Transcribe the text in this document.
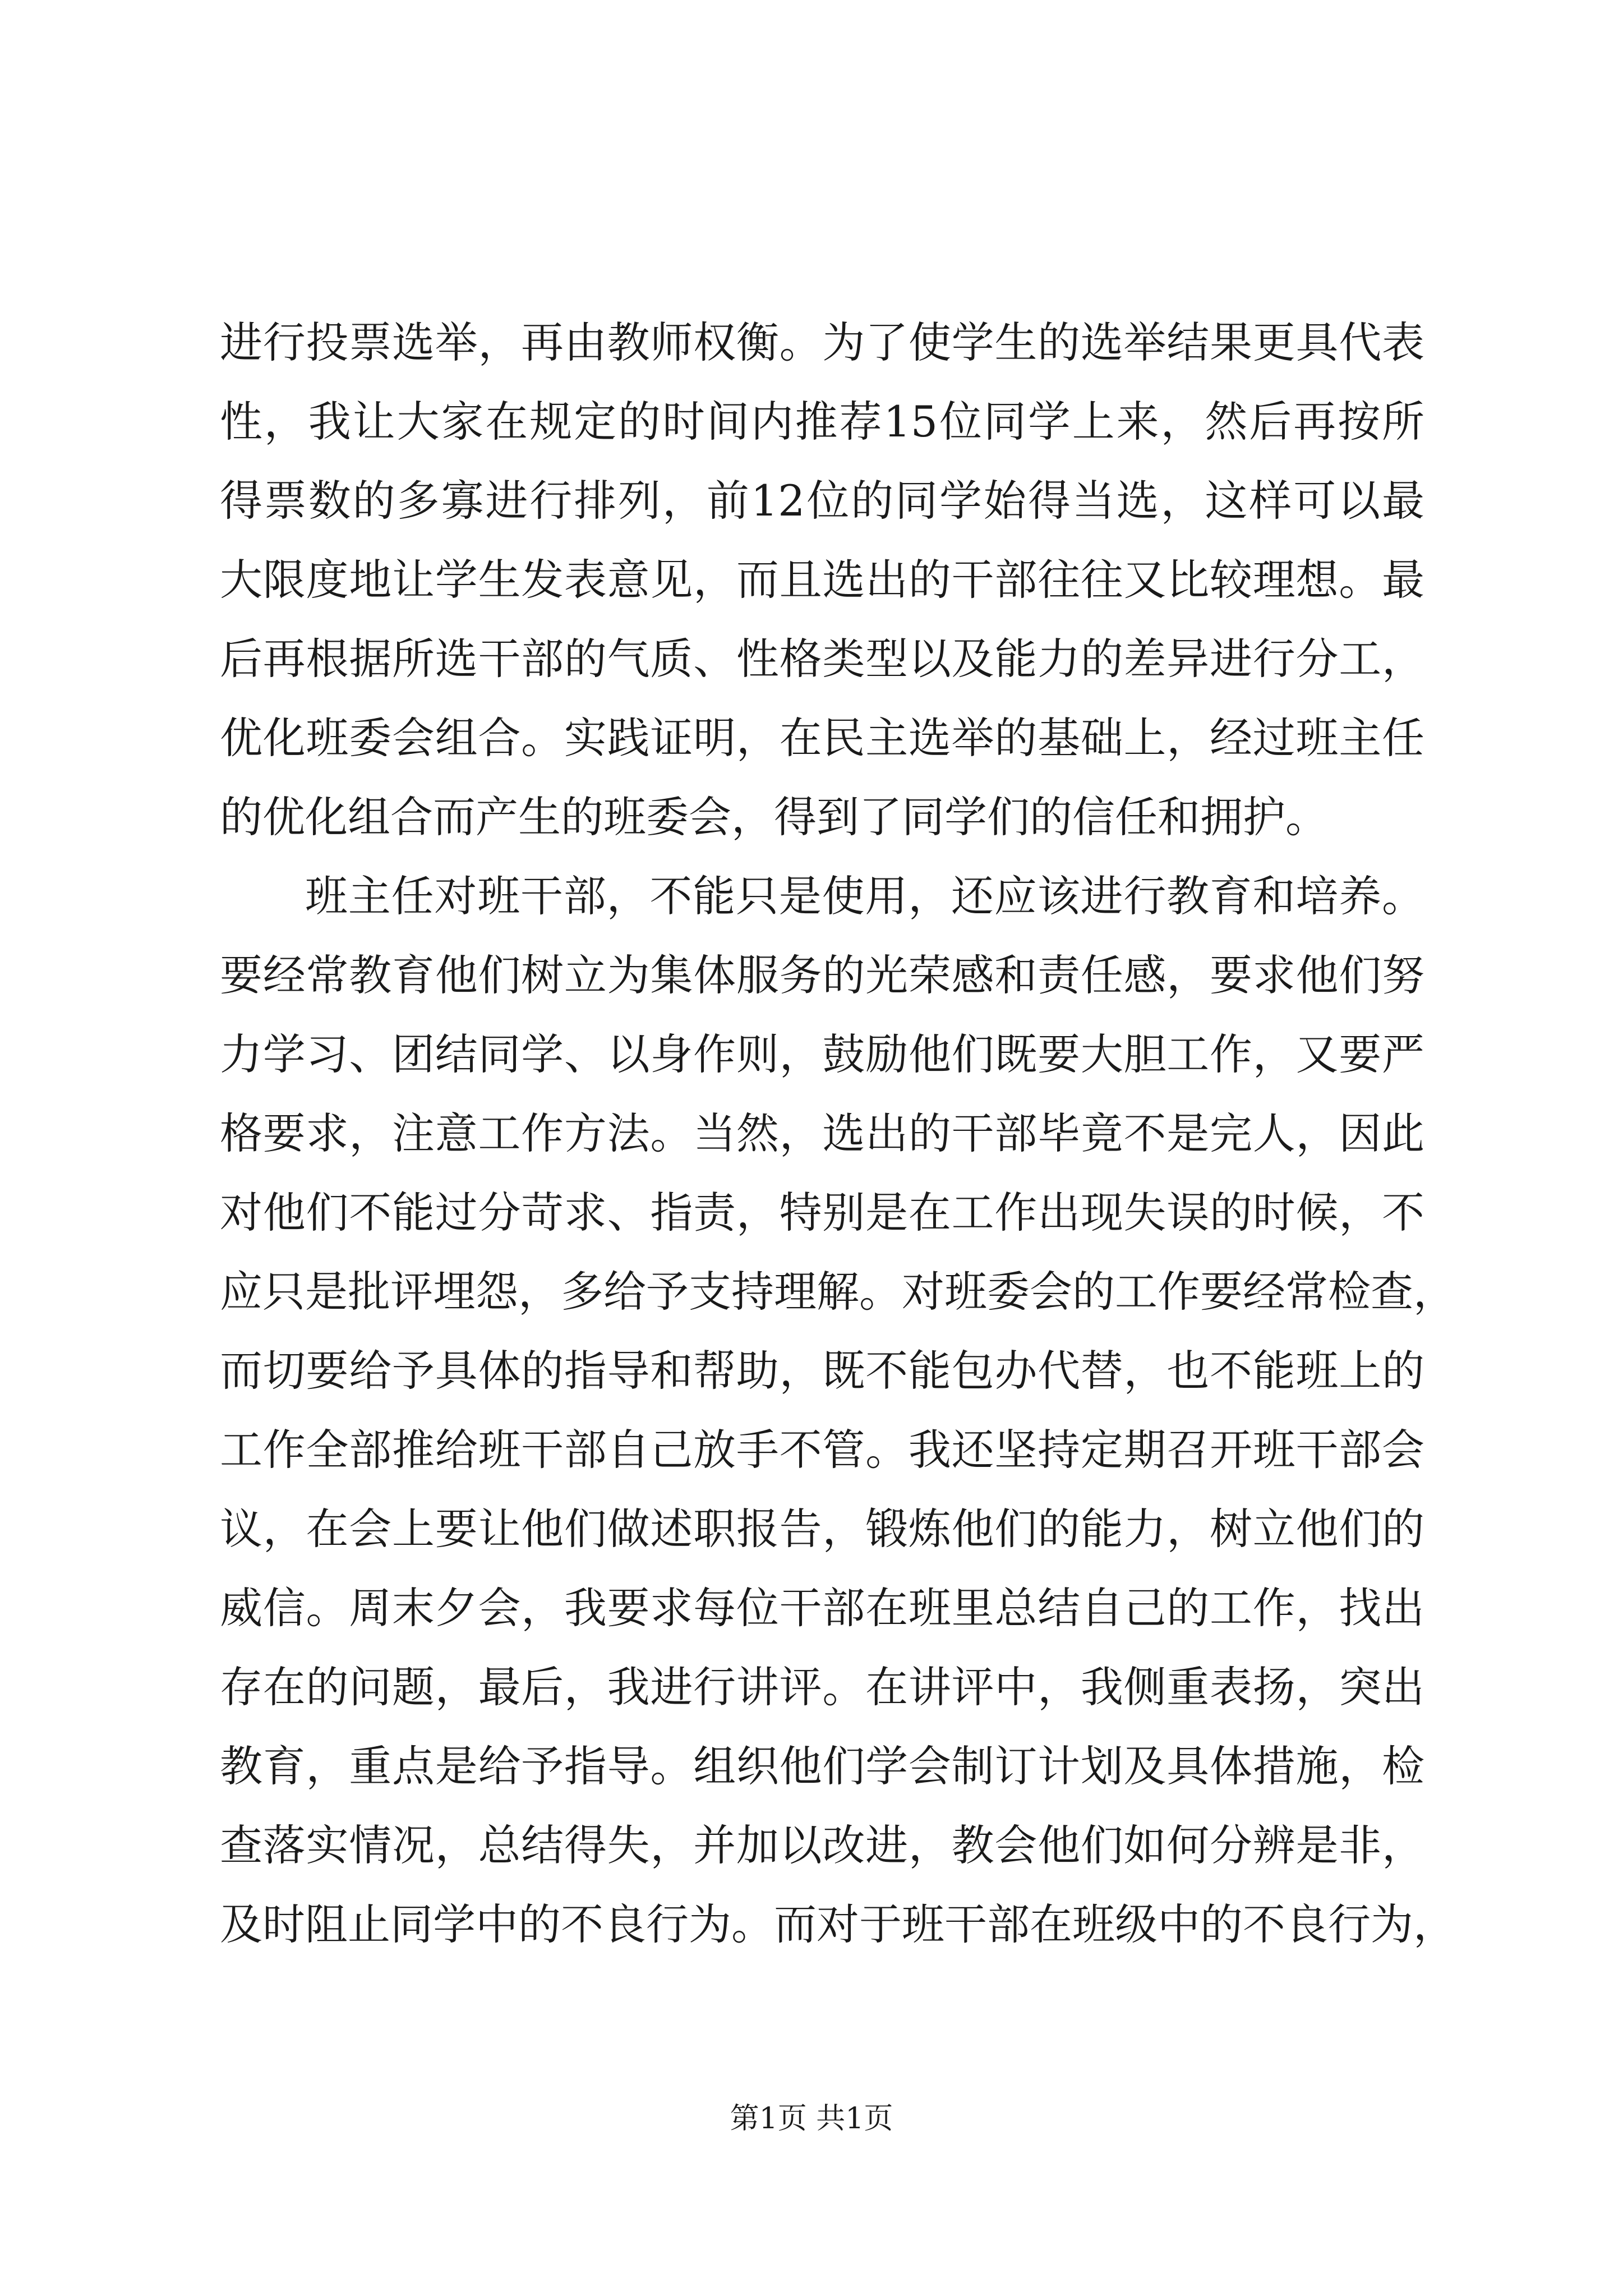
进行投票选举，再由教师权衡。为了使学生的选举结果更具代表
性，我让大家在规定的时间内推荐15位同学上来，然后再按所
得票数的多寡进行排列，前12位的同学始得当选，这样可以最
大限度地让学生发表意见，而且选出的干部往往又比较理想。最
后再根据所选干部的气质、性格类型以及能力的差异进行分工，
优化班委会组合。实践证明，在民主选举的基础上，经过班主任
的优化组合而产生的班委会，得到了同学们的信任和拥护。
班主任对班干部，不能只是使用，还应该进行教育和培养。
要经常教育他们树立为集体服务的光荣感和责任感，要求他们努
力学习、团结同学、以身作则，鼓励他们既要大胆工作，又要严
格要求，注意工作方法。当然，选出的干部毕竟不是完人，因此
对他们不能过分苛求、指责，特别是在工作出现失误的时候，不
应只是批评埋怨，多给予支持理解。对班委会的工作要经常检查，
而切要给予具体的指导和帮助，既不能包办代替，也不能班上的
工作全部推给班干部自己放手不管。我还坚持定期召开班干部会
议，在会上要让他们做述职报告，锻炼他们的能力，树立他们的
威信。周末夕会，我要求每位干部在班里总结自己的工作，找出
存在的问题，最后，我进行讲评。在讲评中，我侧重表扬，突出
教育，重点是给予指导。组织他们学会制订计划及具体措施，检
查落实情况，总结得失，并加以改进，教会他们如何分辨是非，
及时阻止同学中的不良行为。而对于班干部在班级中的不良行为，
第1页 共1页
